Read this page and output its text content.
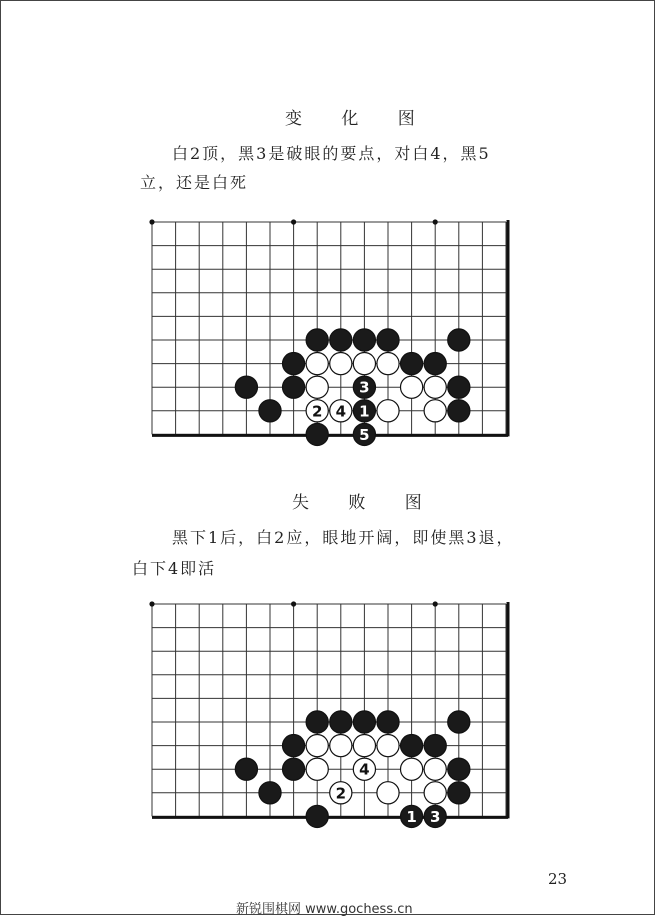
变 化 图
白2顶，黑3是破眼的要点，对白4，黑5
立，还是白死
3
2 4 1
5
失 败 图
黑下1后，白2应，眼地开阔，即使黑3退，
白下4即活
4
2
1 3
23
新锐围棋网 www.gochess.cn
